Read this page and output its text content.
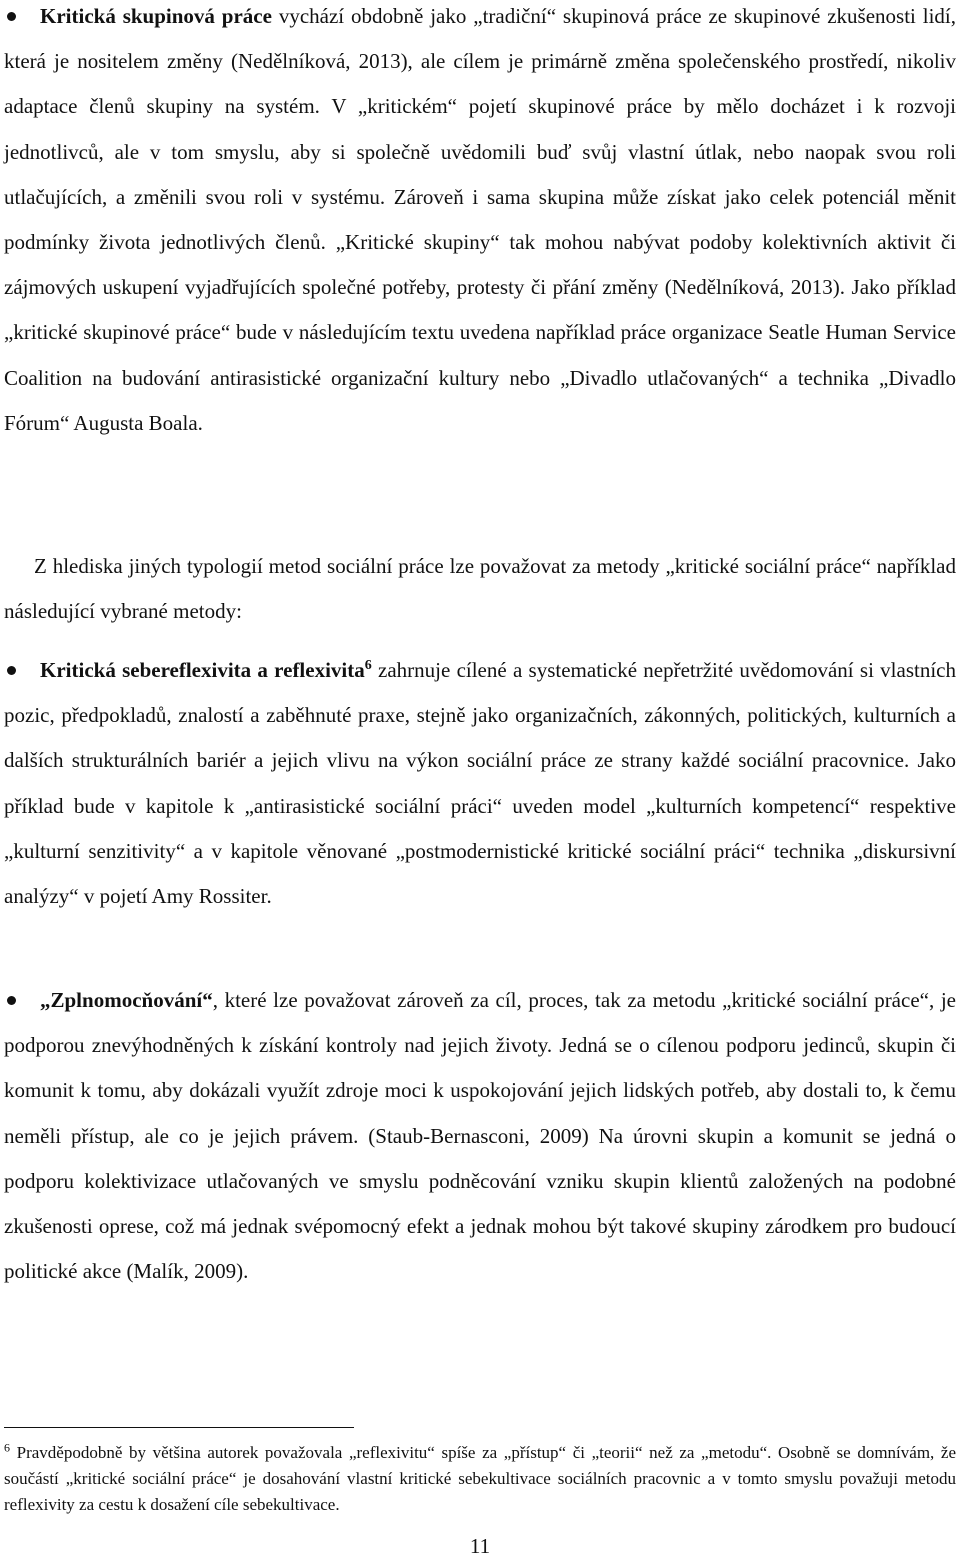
Kritická skupinová práce vychází obdobně jako „tradiční“ skupinová práce ze skupinové zkušenosti lidí, která je nositelem změny (Nedělníková, 2013), ale cílem je primárně změna společenského prostředí, nikoliv adaptace členů skupiny na systém. V „kritickém“ pojetí skupinové práce by mělo docházet i k rozvoji jednotlivců, ale v tom smyslu, aby si společně uvědomili buď svůj vlastní útlak, nebo naopak svou roli utlačujících, a změnili svou roli v systému. Zároveň i sama skupina může získat jako celek potenciál měnit podmínky života jednotlivých členů. „Kritické skupiny“ tak mohou nabývat podoby kolektivních aktivit či zájmových uskupení vyjadřujících společné potřeby, protesty či přání změny (Nedělníková, 2013). Jako příklad „kritické skupinové práce“ bude v následujícím textu uvedena například práce organizace Seatle Human Service Coalition na budování antirasistické organizační kultury nebo „Divadlo utlačovaných“ a technika „Divadlo Fórum“ Augusta Boala.

Z hlediska jiných typologií metod sociální práce lze považovat za metody „kritické sociální práce“ například následující vybrané metody:

Kritická sebereflexivita a reflexivita$^6$ zahrnuje cílené a systematické nepřetržité uvědomování si vlastních pozic, předpokladů, znalostí a zaběhnuté praxe, stejně jako organizačních, zákonných, politických, kulturních a dalších strukturálních bariér a jejich vlivu na výkon sociální práce ze strany každé sociální pracovnice. Jako příklad bude v kapitole k „antirasistické sociální práci“ uveden model „kulturních kompetencí“ respektive „kulturní senzitivity“ a v kapitole věnované „postmodernistické kritické sociální práci“ technika „diskursivní analýzy“ v pojetí Amy Rossiter.

„Zplnomocňování“, které lze považovat zároveň za cíl, proces, tak za metodu „kritické sociální práce“, je podporou znevýhodněných k získání kontroly nad jejich životy. Jedná se o cílenou podporu jedinců, skupin či komunit k tomu, aby dokázali využít zdroje moci k uspokojování jejich lidských potřeb, aby dostali to, k čemu neměli přístup, ale co je jejich právem. (Staub-Bernasconi, 2009) Na úrovni skupin a komunit se jedná o podporu kolektivizace utlačovaných ve smyslu podněcování vzniku skupin klientů založených na podobné zkušenosti oprese, což má jednak svépomocný efekt a jednak mohou být takové skupiny zárodkem pro budoucí politické akce (Malík, 2009).

$^6$ Pravděpodobně by většina autorek považovala „reflexivitu“ spíše za „přístup“ či „teorii“ než za „metodu“. Osobně se domnívám, že součástí „kritické sociální práce“ je dosahování vlastní kritické sebekultivace sociálních pracovnic a v tomto smyslu považuji metodu reflexivity za cestu k dosažení cíle sebekultivace.

11
